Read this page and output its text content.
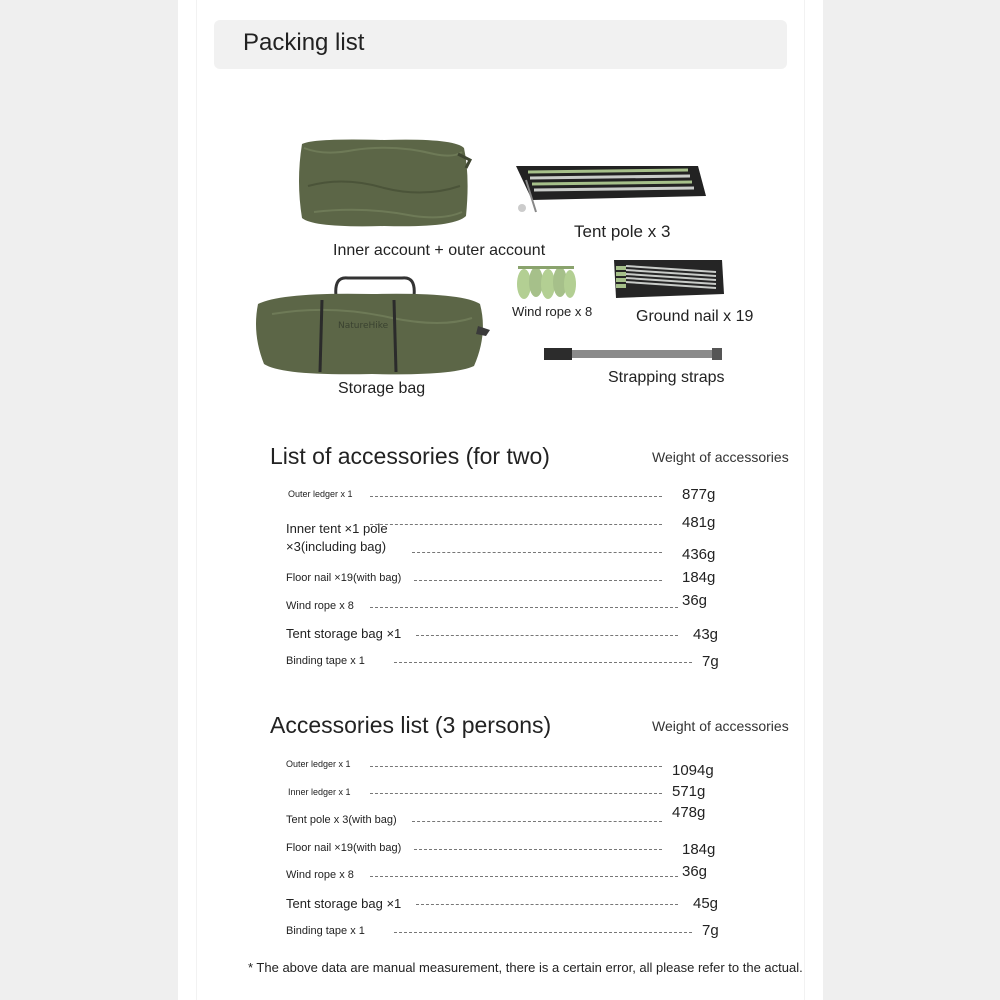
Packing list
Inner account + outer account
Tent pole x 3
NatureHike
Storage bag
Wind rope x 8	Ground nail x 19
Strapping straps
List of accessories (for two)	Weight of accessories
Outer ledger x 1	877g
Inner tent ×1 pole	481g
×3(including bag)	436g
Floor nail ×19(with bag)	184g
Wind rope x 8	36g
Tent storage bag ×1	43g
Binding tape x 1	7g
Accessories list (3 persons)	Weight of accessories
Outer ledger x 1	1094g
Inner ledger x 1	571g
Tent pole x 3(with bag)	478g
Floor nail ×19(with bag)	184g
Wind rope x 8	36g
Tent storage bag ×1	45g
Binding tape x 1	7g
* The above data are manual measurement, there is a certain error, all please refer to the actual.
